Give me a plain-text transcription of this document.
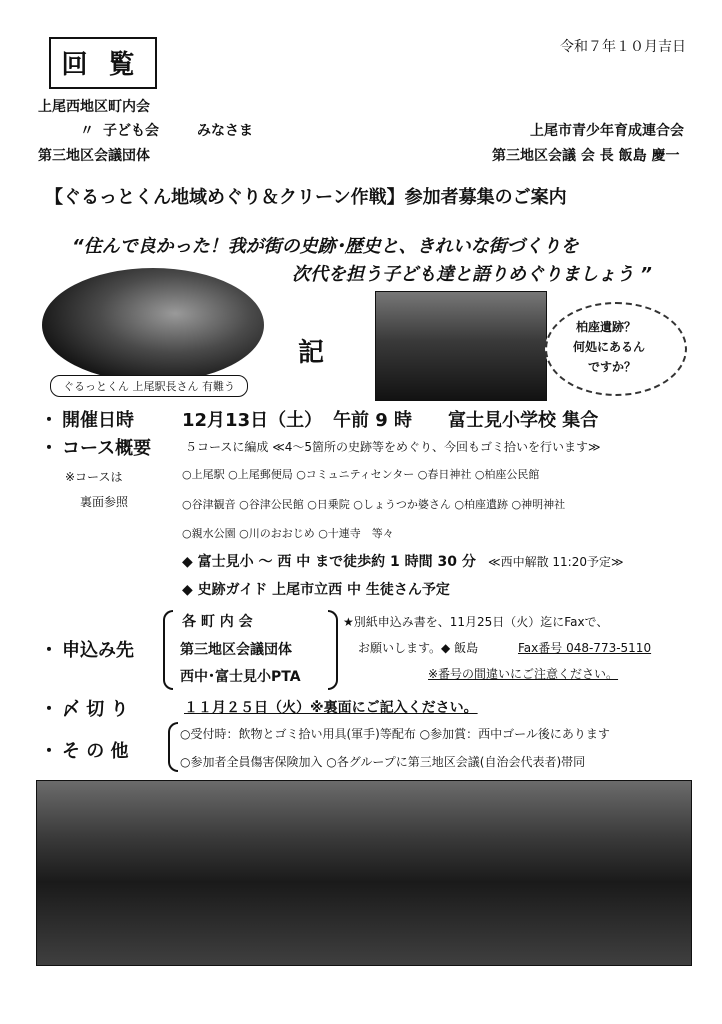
回 覧
令和７年１０月吉日
上尾西地区町内会
〃 子ども会	みなさま
第三地区会議団体
上尾市青少年育成連合会
第三地区会議 会 長 飯島 慶一
【ぐるっとくん地域めぐり＆クリーン作戦】参加者募集のご案内
“住んで良かった！我が街の史跡･歴史と、きれいな街づくりを
次代を担う子ども達と語りめぐりましょう ”
ぐるっとくん 上尾駅長さん 有難う
記
柏座遺跡？
何処にあるん
ですか？
・ 開催日時	12月13日（土） 午前 9 時 富士見小学校 集合
・ コース概要	５コースに編成 ≪4～5箇所の史跡等をめぐり、今回もゴミ拾いを行います≫
※コースは
裏面参照
○上尾駅 ○上尾郵便局 ○コミュニティセンター ○春日神社 ○柏座公民館
○谷津観音 ○谷津公民館 ○日乗院 ○しょうつか婆さん ○柏座遺跡 ○神明神社
○親水公園 ○川のおおじめ ○十連寺　等々
◆ 富士見小 ～ 西 中 まで徒歩約 1 時間 30 分 ≪西中解散 11:20予定≫
◆ 史跡ガイド 上尾市立西 中 生徒さん予定
・ 申込み先
各 町 内 会
第三地区会議団体
西中･富士見小PTA
★別紙申込み書を、11月25日（火）迄にFaxで、
お願いします。◆ 飯島	Fax番号 048-773-5110
※番号の間違いにご注意ください。
・ 〆 切 り	１１月２５日（火）※裏面にご記入ください。
・ そ の 他
○受付時：飲物とゴミ拾い用具(軍手)等配布 ○参加賞：西中ゴール後にあります
○参加者全員傷害保険加入 ○各グループに第三地区会議(自治会代表者)帯同
